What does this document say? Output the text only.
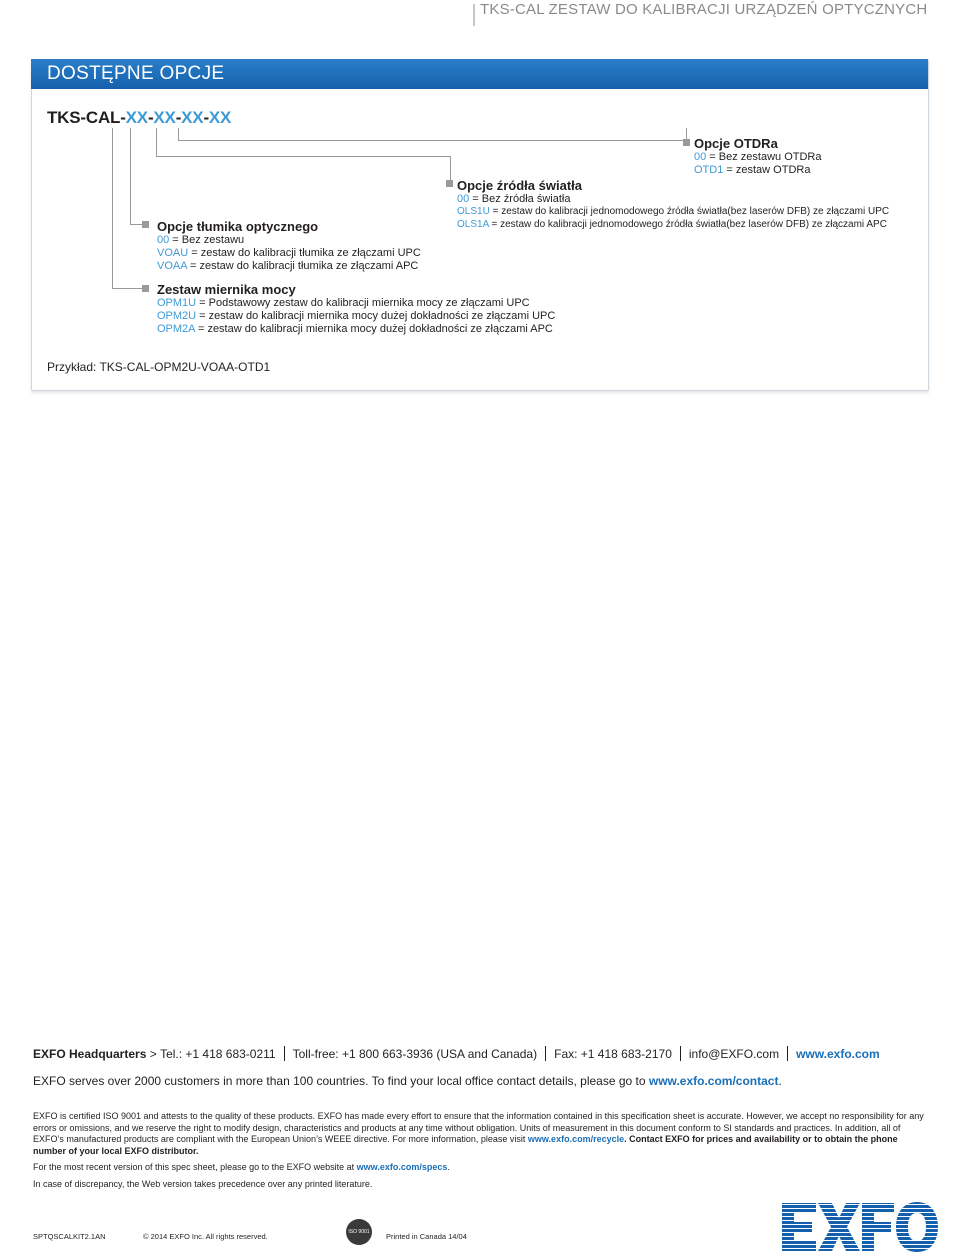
TKS-CAL ZESTAW DO KALIBRACJI URZĄDZEŃ OPTYCZNYCH
DOSTĘPNE OPCJE
TKS-CAL-XX-XX-XX-XX
Opcje OTDRa
00 = Bez zestawu OTDRa
OTD1 = zestaw OTDRa
Opcje źródła światła
00 = Bez źródła światła
OLS1U = zestaw do kalibracji jednomodowego źródła światła(bez laserów DFB) ze złączami UPC
OLS1A = zestaw do kalibracji jednomodowego źródła światła(bez laserów DFB) ze złączami APC
Opcje tłumika optycznego
00 = Bez zestawu
VOAU = zestaw do kalibracji tłumika ze złączami UPC
VOAA = zestaw do kalibracji tłumika ze złączami APC
Zestaw miernika mocy
OPM1U = Podstawowy zestaw do kalibracji miernika mocy ze złączami UPC
OPM2U = zestaw do kalibracji miernika mocy dużej dokładności ze złączami UPC
OPM2A = zestaw do kalibracji miernika mocy dużej dokładności ze złączami APC
Przykład: TKS-CAL-OPM2U-VOAA-OTD1
EXFO Headquarters > Tel.: +1 418 683-0211 Toll-free: +1 800 663-3936 (USA and Canada) Fax: +1 418 683-2170 info@EXFO.com www.exfo.com
EXFO serves over 2000 customers in more than 100 countries. To find your local office contact details, please go to www.exfo.com/contact.
EXFO is certified ISO 9001 and attests to the quality of these products. EXFO has made every effort to ensure that the information contained in this specification sheet is accurate. However, we accept no responsibility for any errors or omissions, and we reserve the right to modify design, characteristics and products at any time without obligation. Units of measurement in this document conform to SI standards and practices. In addition, all of EXFO’s manufactured products are compliant with the European Union’s WEEE directive. For more information, please visit www.exfo.com/recycle. Contact EXFO for prices and availability or to obtain the phone number of your local EXFO distributor.
For the most recent version of this spec sheet, please go to the EXFO website at www.exfo.com/specs.
In case of discrepancy, the Web version takes precedence over any printed literature.
SPTQSCALKIT2.1AN	© 2014 EXFO Inc. All rights reserved.	ISO 9001 Printed in Canada 14/04
EXFO
